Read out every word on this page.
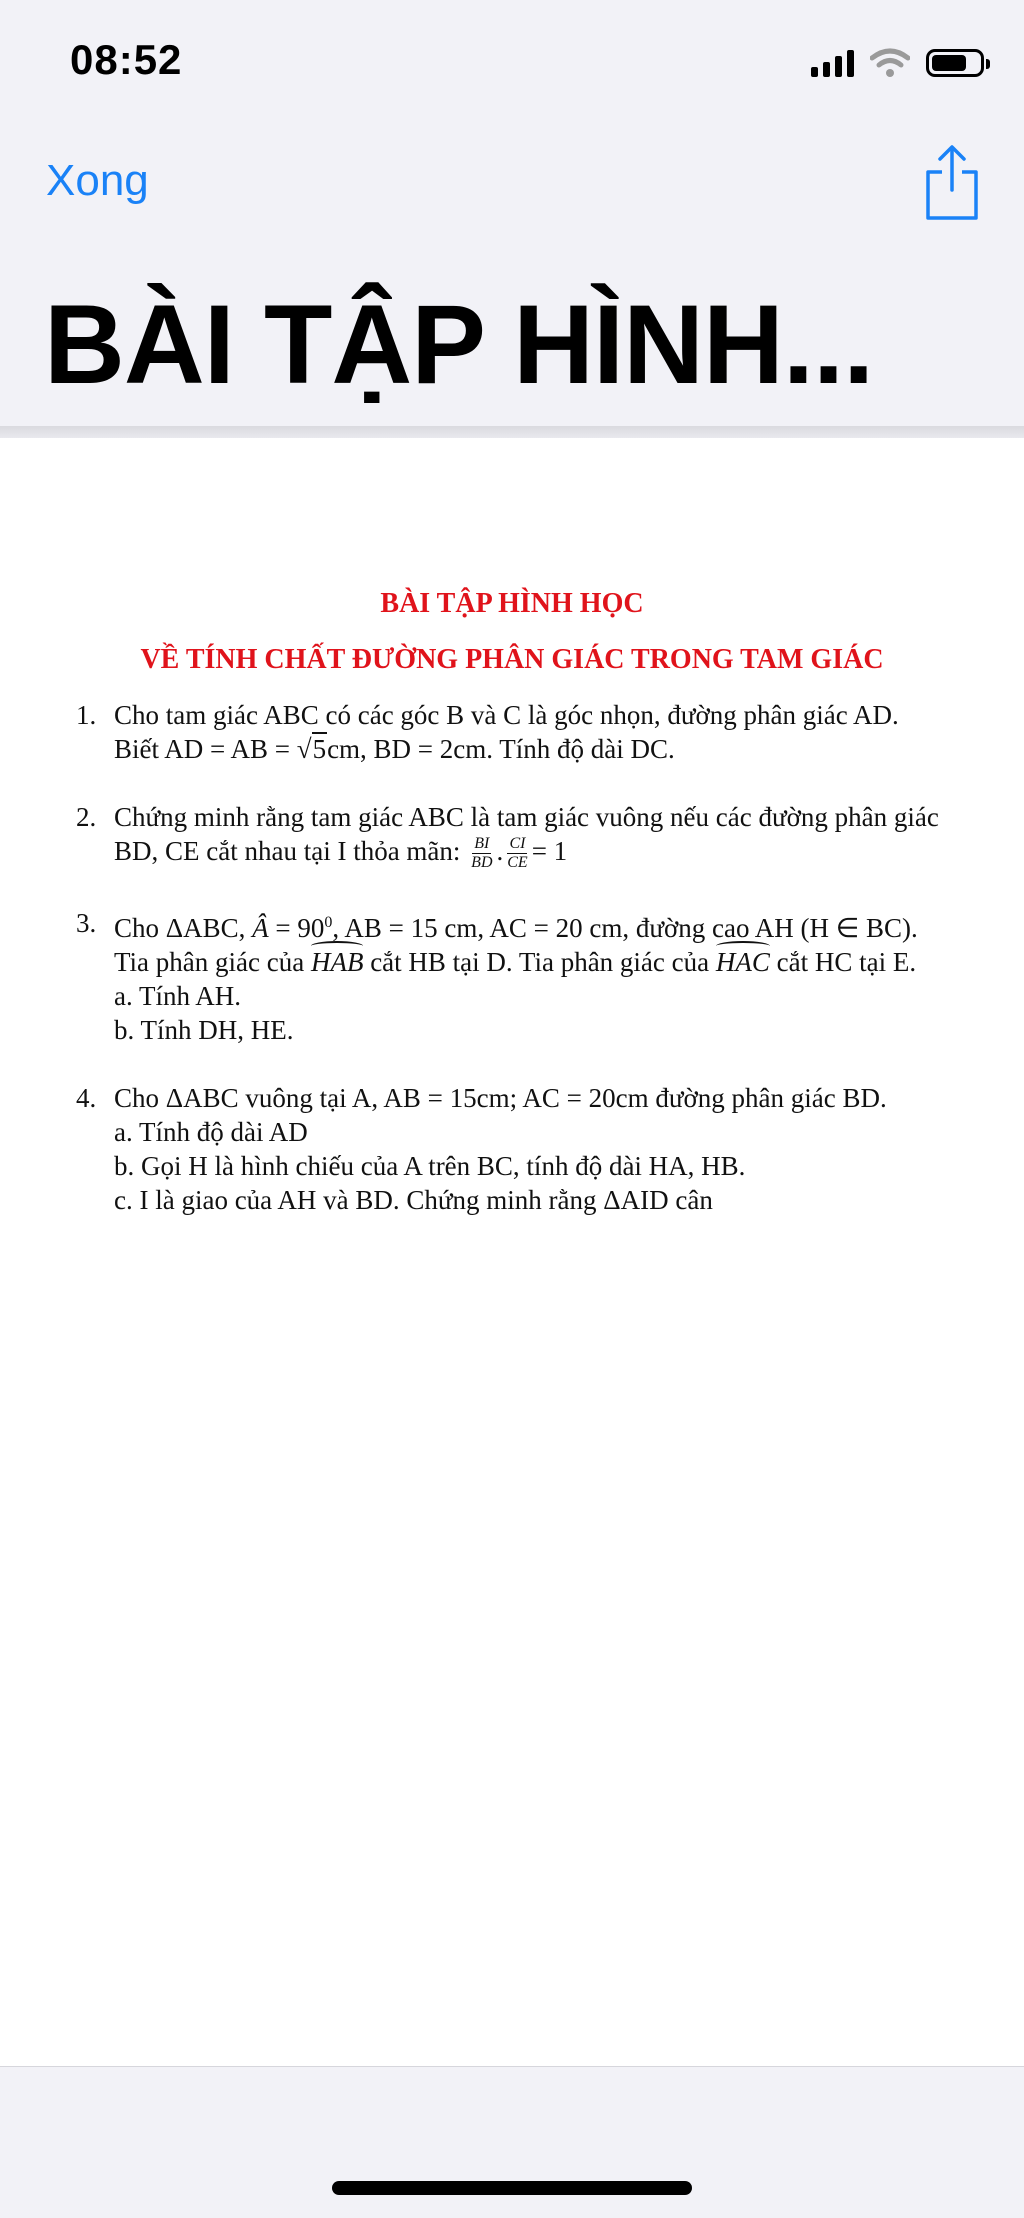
08:52
Xong
BÀI TẬP HÌNH...
BÀI TẬP HÌNH HỌC
VỀ TÍNH CHẤT ĐƯỜNG PHÂN GIÁC TRONG TAM GIÁC
1. Cho tam giác ABC có các góc B và C là góc nhọn, đường phân giác AD.
Biết AD = AB = √5cm, BD = 2cm. Tính độ dài DC.
2. Chứng minh rằng tam giác ABC là tam giác vuông nếu các đường phân giác
BD, CE cắt nhau tại I thỏa mãn: $\frac{BI}{BD}$ . $\frac{CI}{CE} = 1$
3. Cho ΔABC, Â = $90^0$, AB = 15 cm, AC = 20 cm, đường cao AH (H ∈ BC).
Tia phân giác của HAB cắt HB tại D. Tia phân giác của HAC cắt HC tại E.
a. Tính AH.
b. Tính DH, HE.
4. Cho ΔABC vuông tại A, AB = 15cm; AC = 20cm đường phân giác BD.
a. Tính độ dài AD
b. Gọi H là hình chiếu của A trên BC, tính độ dài HA, HB.
c. I là giao của AH và BD. Chứng minh rằng ΔAID cân
